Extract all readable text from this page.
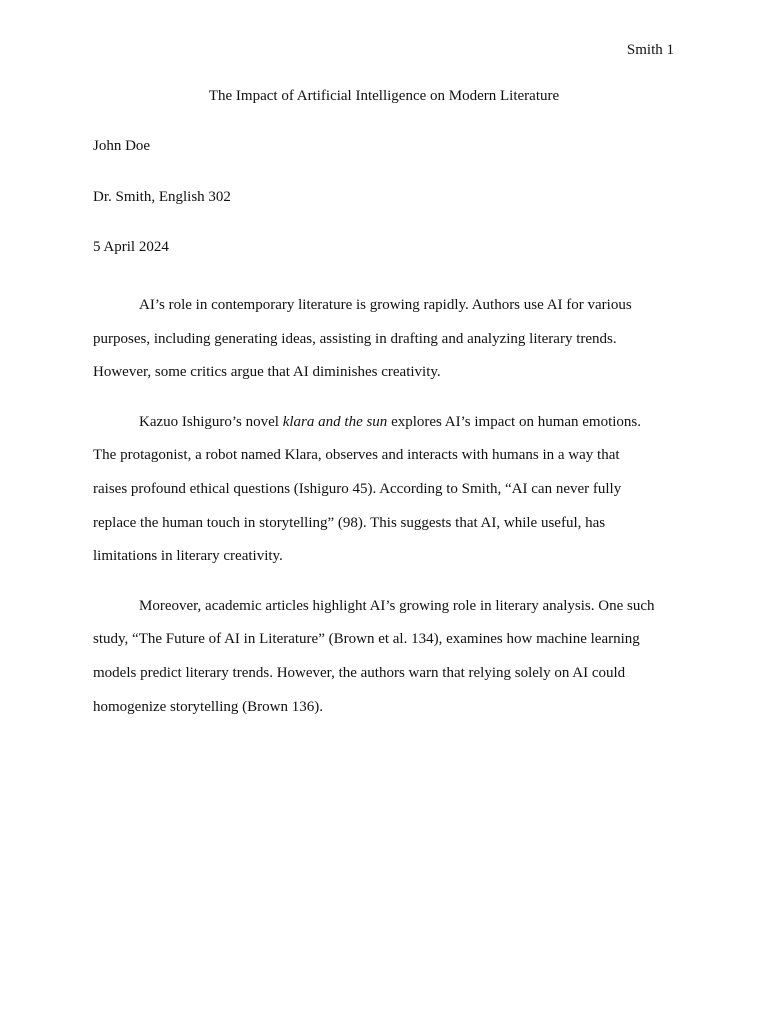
Smith 1
The Impact of Artificial Intelligence on Modern Literature
John Doe
Dr. Smith, English 302
5 April 2024

AI’s role in contemporary literature is growing rapidly. Authors use AI for various
purposes, including generating ideas, assisting in drafting and analyzing literary trends.
However, some critics argue that AI diminishes creativity.

Kazuo Ishiguro’s novel klara and the sun explores AI’s impact on human emotions.
The protagonist, a robot named Klara, observes and interacts with humans in a way that
raises profound ethical questions (Ishiguro 45). According to Smith, “AI can never fully
replace the human touch in storytelling” (98). This suggests that AI, while useful, has
limitations in literary creativity.

Moreover, academic articles highlight AI’s growing role in literary analysis. One such
study, “The Future of AI in Literature” (Brown et al. 134), examines how machine learning
models predict literary trends. However, the authors warn that relying solely on AI could
homogenize storytelling (Brown 136).
